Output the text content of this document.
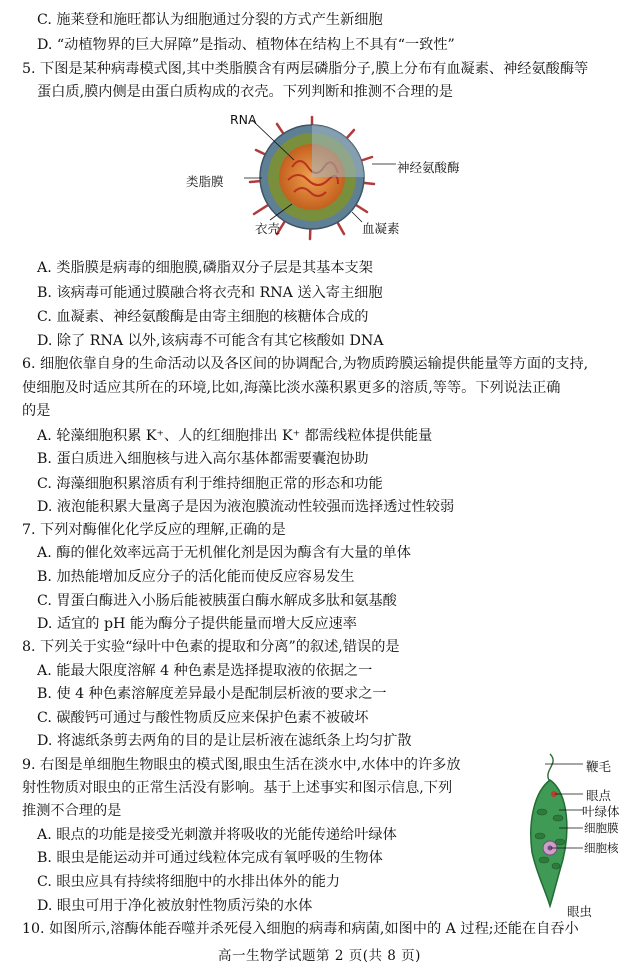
C. 施莱登和施旺都认为细胞通过分裂的方式产生新细胞
D. “动植物界的巨大屏障”是指动、植物体在结构上不具有“一致性”
5. 下图是某种病毒模式图,其中类脂膜含有两层磷脂分子,膜上分布有血凝素、神经氨酸酶等
蛋白质,膜内侧是由蛋白质构成的衣壳。下列判断和推测不合理的是
RNA
类脂膜
神经氨酸酶
衣壳	血凝素
A. 类脂膜是病毒的细胞膜,磷脂双分子层是其基本支架
B. 该病毒可能通过膜融合将衣壳和 RNA 送入寄主细胞
C. 血凝素、神经氨酸酶是由寄主细胞的核糖体合成的
D. 除了 RNA 以外,该病毒不可能含有其它核酸如 DNA
6. 细胞依靠自身的生命活动以及各区间的协调配合,为物质跨膜运输提供能量等方面的支持,
使细胞及时适应其所在的环境,比如,海藻比淡水藻积累更多的溶质,等等。下列说法正确
的是
A. 轮藻细胞积累 K⁺、人的红细胞排出 K⁺ 都需线粒体提供能量
B. 蛋白质进入细胞核与进入高尔基体都需要囊泡协助
C. 海藻细胞积累溶质有利于维持细胞正常的形态和功能
D. 液泡能积累大量离子是因为液泡膜流动性较强而选择透过性较弱
7. 下列对酶催化化学反应的理解,正确的是
A. 酶的催化效率远高于无机催化剂是因为酶含有大量的单体
B. 加热能增加反应分子的活化能而使反应容易发生
C. 胃蛋白酶进入小肠后能被胰蛋白酶水解成多肽和氨基酸
D. 适宜的 pH 能为酶分子提供能量而增大反应速率
8. 下列关于实验“绿叶中色素的提取和分离”的叙述,错误的是
A. 能最大限度溶解 4 种色素是选择提取液的依据之一
B. 使 4 种色素溶解度差异最小是配制层析液的要求之一
C. 碳酸钙可通过与酸性物质反应来保护色素不被破坏
D. 将滤纸条剪去两角的目的是让层析液在滤纸条上均匀扩散
9. 右图是单细胞生物眼虫的模式图,眼虫生活在淡水中,水体中的许多放
射性物质对眼虫的正常生活没有影响。基于上述事实和图示信息,下列
推测不合理的是
A. 眼点的功能是接受光刺激并将吸收的光能传递给叶绿体
B. 眼虫是能运动并可通过线粒体完成有氧呼吸的生物体
C. 眼虫应具有持续将细胞中的水排出体外的能力
D. 眼虫可用于净化被放射性物质污染的水体
鞭毛
眼点
叶绿体
细胞膜
细胞核
眼虫
10. 如图所示,溶酶体能吞噬并杀死侵入细胞的病毒和病菌,如图中的 A 过程;还能在自吞小
高一生物学试题第 2 页(共 8 页)
